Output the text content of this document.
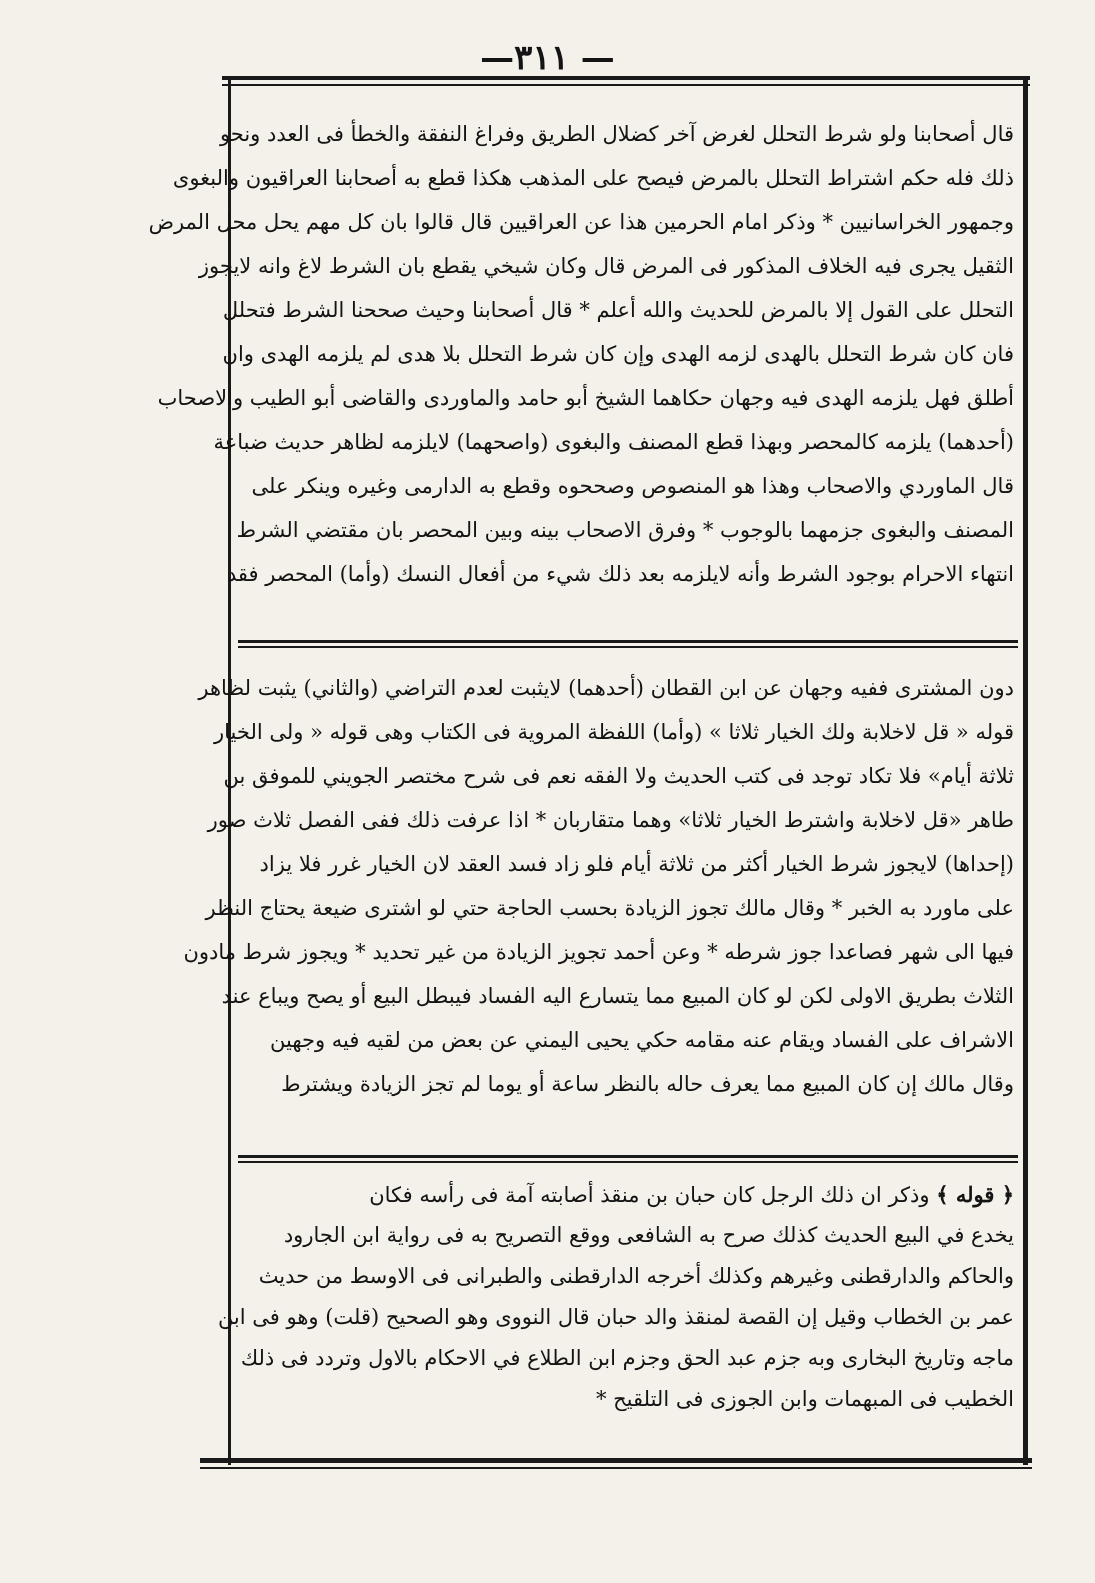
—٣١١ —

قال أصحابنا ولو شرط التحلل لغرض آخر كضلال الطريق وفراغ النفقة والخطأ فى العدد ونحو

ذلك فله حكم اشتراط التحلل بالمرض فيصح على المذهب هكذا قطع به أصحابنا العراقيون والبغوى

وجمهور الخراسانيين * وذكر امام الحرمين هذا عن العراقيين قال قالوا بان كل مهم يحل محل المرض

الثقيل يجرى فيه الخلاف المذكور فى المرض قال وكان شيخي يقطع بان الشرط لاغ وانه لايجوز

التحلل على القول إلا بالمرض للحديث والله أعلم * قال أصحابنا وحيث صححنا الشرط فتحلل

فان كان شرط التحلل بالهدى لزمه الهدى وإن كان شرط التحلل بلا هدى لم يلزمه الهدى وان

أطلق فهل يلزمه الهدى فيه وجهان حكاهما الشيخ أبو حامد والماوردى والقاضى أبو الطيب والاصحاب

(أحدهما) يلزمه كالمحصر وبهذا قطع المصنف والبغوى (واصحهما) لايلزمه لظاهر حديث ضباعة

قال الماوردي والاصحاب وهذا هو المنصوص وصححوه وقطع به الدارمى وغيره وينكر على

المصنف والبغوى جزمهما بالوجوب * وفرق الاصحاب بينه وبين المحصر بان مقتضي الشرط

انتهاء الاحرام بوجود الشرط وأنه لايلزمه بعد ذلك شيء من أفعال النسك (وأما) المحصر فقد

دون المشترى ففيه وجهان عن ابن القطان (أحدهما) لايثبت لعدم التراضي (والثاني) يثبت لظاهر

قوله « قل لاخلابة ولك الخيار ثلاثا » (وأما) اللفظة المروية فى الكتاب وهى قوله « ولى الخيار

ثلاثة أيام» فلا تكاد توجد فى كتب الحديث ولا الفقه نعم فى شرح مختصر الجويني للموفق بن

طاهر «قل لاخلابة واشترط الخيار ثلاثا» وهما متقاربان * اذا عرفت ذلك ففى الفصل ثلاث صور

(إحداها) لايجوز شرط الخيار أكثر من ثلاثة أيام فلو زاد فسد العقد لان الخيار غرر فلا يزاد

على ماورد به الخبر * وقال مالك تجوز الزيادة بحسب الحاجة حتي لو اشترى ضيعة يحتاج النظر

فيها الى شهر فصاعدا جوز شرطه * وعن أحمد تجويز الزيادة من غير تحديد * ويجوز شرط مادون

الثلاث بطريق الاولى لكن لو كان المبيع مما يتسارع اليه الفساد فيبطل البيع أو يصح ويباع عند

الاشراف على الفساد ويقام عنه مقامه حكي يحيى اليمني عن بعض من لقيه فيه وجهين

وقال مالك إن كان المبيع مما يعرف حاله بالنظر ساعة أو يوما لم تجز الزيادة ويشترط

﴿ قوله ﴾ وذكر ان ذلك الرجل كان حبان بن منقذ أصابته آمة فى رأسه فكان

يخدع في البيع الحديث كذلك صرح به الشافعى ووقع التصريح به فى رواية ابن الجارود

والحاكم والدارقطنى وغيرهم وكذلك أخرجه الدارقطنى والطبرانى فى الاوسط من حديث

عمر بن الخطاب وقيل إن القصة لمنقذ والد حبان قال النووى وهو الصحيح (قلت) وهو فى ابن

ماجه وتاريخ البخارى وبه جزم عبد الحق وجزم ابن الطلاع في الاحكام بالاول وتردد فى ذلك

الخطيب فى المبهمات وابن الجوزى فى التلقيح *
